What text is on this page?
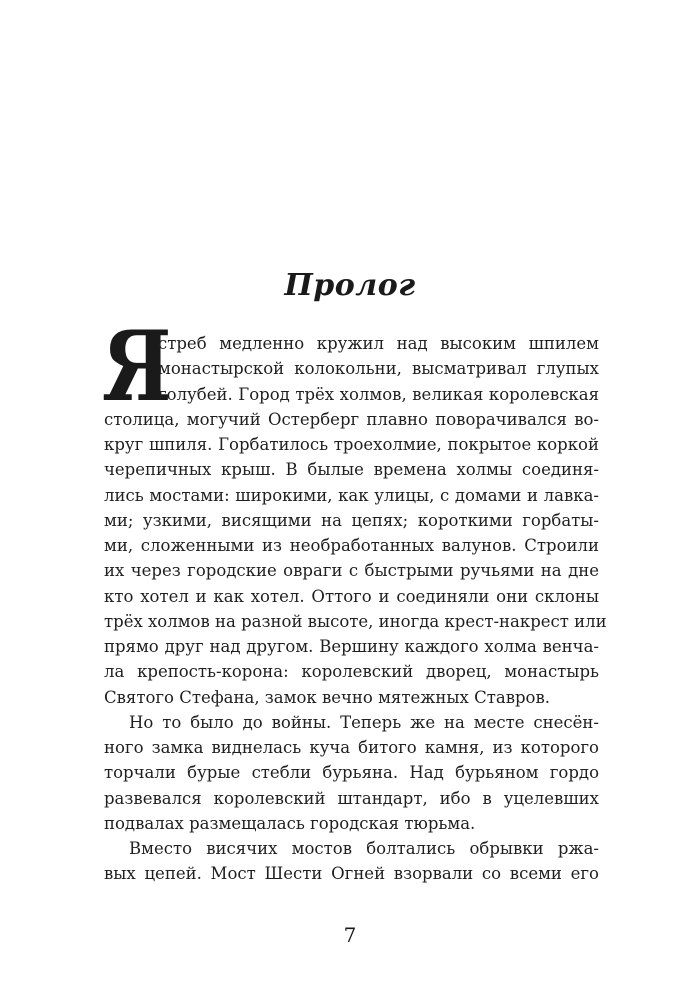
Пролог
Я
стреб медленно кружил над высоким шпилем
монастырской колокольни, высматривал глупых
голубей. Город трёх холмов, великая королевская
столица, могучий Остерберг плавно поворачивался во-
круг шпиля. Горбатилось троехолмие, покрытое коркой
черепичных крыш. В былые времена холмы соединя-
лись мостами: широкими, как улицы, с домами и лавка-
ми; узкими, висящими на цепях; короткими горбаты-
ми, сложенными из необработанных валунов. Строили
их через городские овраги с быстрыми ручьями на дне
кто хотел и как хотел. Оттого и соединяли они склоны
трёх холмов на разной высоте, иногда крест-накрест или
прямо друг над другом. Вершину каждого холма венча-
ла крепость-корона: королевский дворец, монастырь
Святого Стефана, замок вечно мятежных Ставров.
Но то было до войны. Теперь же на месте снесён-
ного замка виднелась куча битого камня, из которого
торчали бурые стебли бурьяна. Над бурьяном гордо
развевался королевский штандарт, ибо в уцелевших
подвалах размещалась городская тюрьма.
Вместо висячих мостов болтались обрывки ржа-
вых цепей. Мост Шести Огней взорвали со всеми его
7
